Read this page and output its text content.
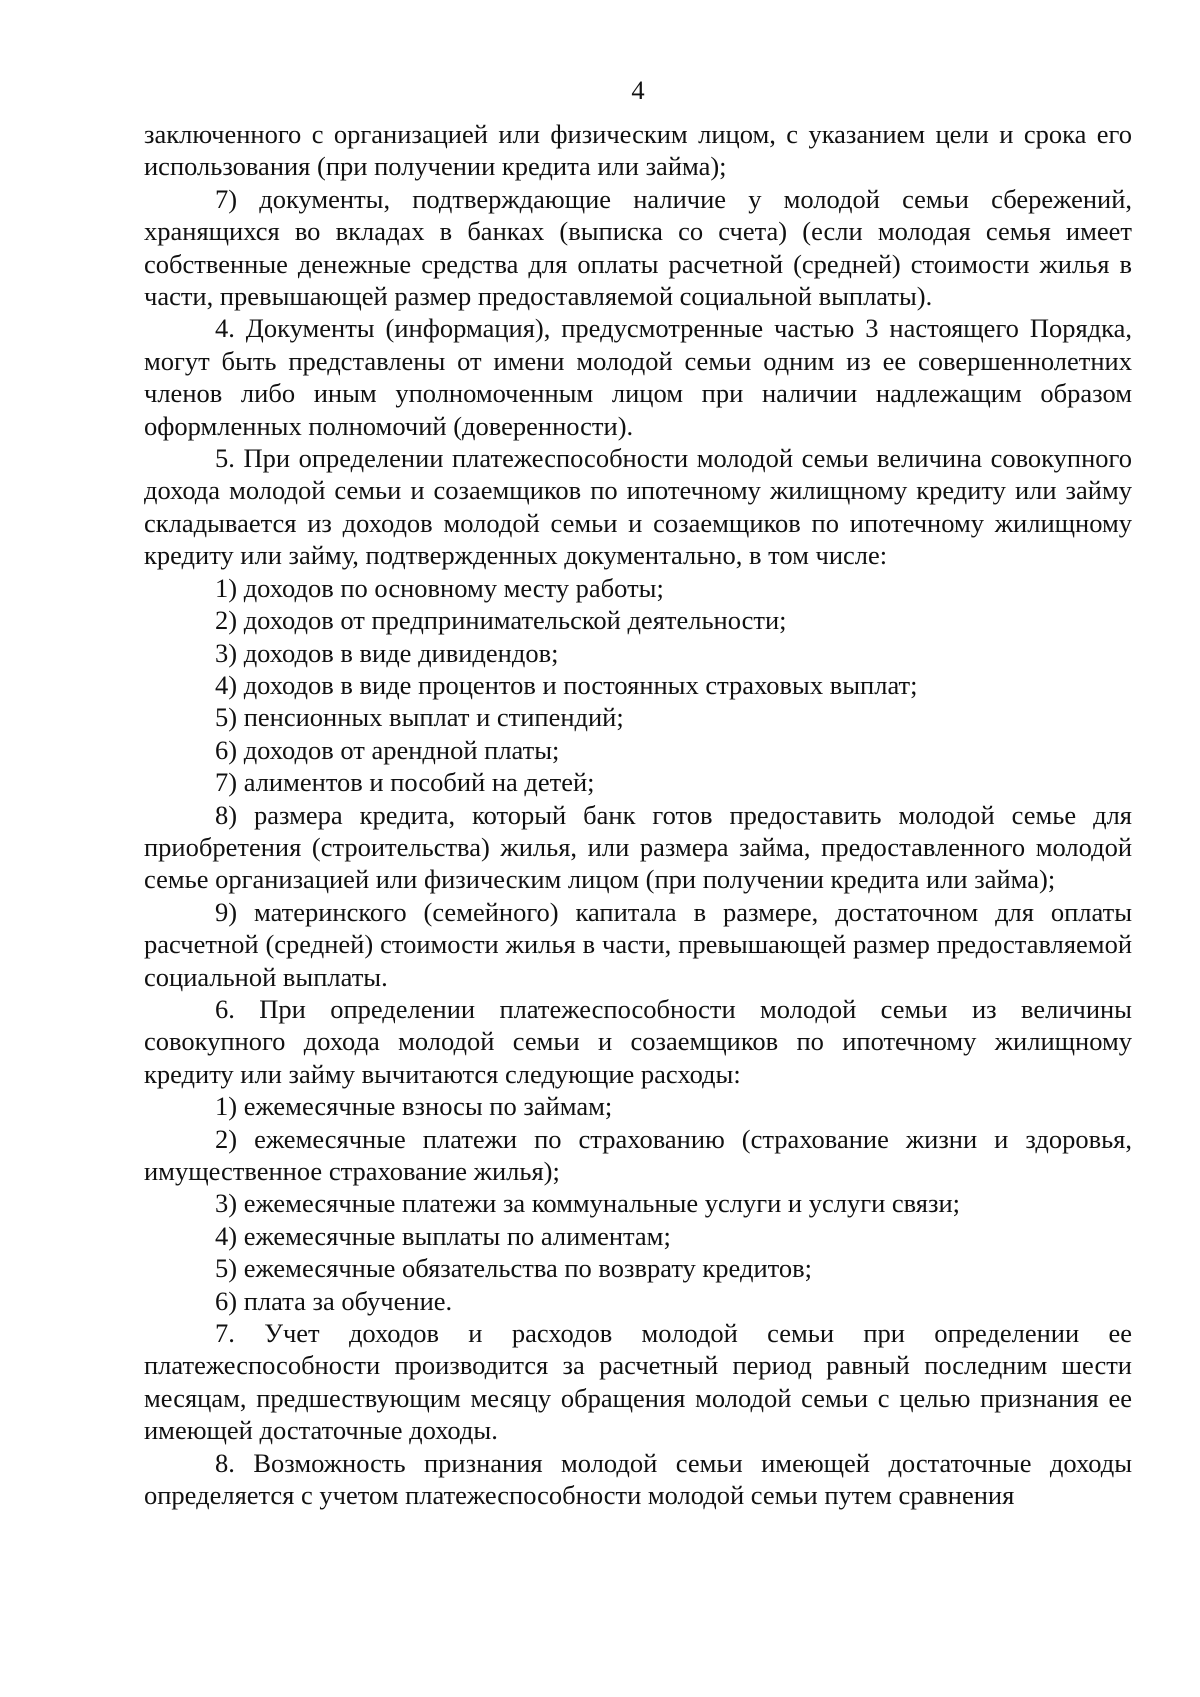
4

заключенного с организацией или физическим лицом, с указанием цели и срока его использования (при получении кредита или займа);

7) документы, подтверждающие наличие у молодой семьи сбережений, хранящихся во вкладах в банках (выписка со счета) (если молодая семья имеет собственные денежные средства для оплаты расчетной (средней) стоимости жилья в части, превышающей размер предоставляемой социальной выплаты).

4. Документы (информация), предусмотренные частью 3 настоящего Порядка, могут быть представлены от имени молодой семьи одним из ее совершеннолетних членов либо иным уполномоченным лицом при наличии надлежащим образом оформленных полномочий (доверенности).

5. При определении платежеспособности молодой семьи величина совокупного дохода молодой семьи и созаемщиков по ипотечному жилищному кредиту или займу складывается из доходов молодой семьи и созаемщиков по ипотечному жилищному кредиту или займу, подтвержденных документально, в том числе:

1) доходов по основному месту работы;

2) доходов от предпринимательской деятельности;

3) доходов в виде дивидендов;

4) доходов в виде процентов и постоянных страховых выплат;

5) пенсионных выплат и стипендий;

6) доходов от арендной платы;

7) алиментов и пособий на детей;

8) размера кредита, который банк готов предоставить молодой семье для приобретения (строительства) жилья, или размера займа, предоставленного молодой семье организацией или физическим лицом (при получении кредита или займа);

9) материнского (семейного) капитала в размере, достаточном для оплаты расчетной (средней) стоимости жилья в части, превышающей размер предоставляемой социальной выплаты.

6. При определении платежеспособности молодой семьи из величины совокупного дохода молодой семьи и созаемщиков по ипотечному жилищному кредиту или займу вычитаются следующие расходы:

1) ежемесячные взносы по займам;

2) ежемесячные платежи по страхованию (страхование жизни и здоровья, имущественное страхование жилья);

3) ежемесячные платежи за коммунальные услуги и услуги связи;

4) ежемесячные выплаты по алиментам;

5) ежемесячные обязательства по возврату кредитов;

6) плата за обучение.

7. Учет доходов и расходов молодой семьи при определении ее платежеспособности производится за расчетный период равный последним шести месяцам, предшествующим месяцу обращения молодой семьи с целью признания ее имеющей достаточные доходы.

8. Возможность признания молодой семьи имеющей достаточные доходы определяется с учетом платежеспособности молодой семьи путем сравнения
